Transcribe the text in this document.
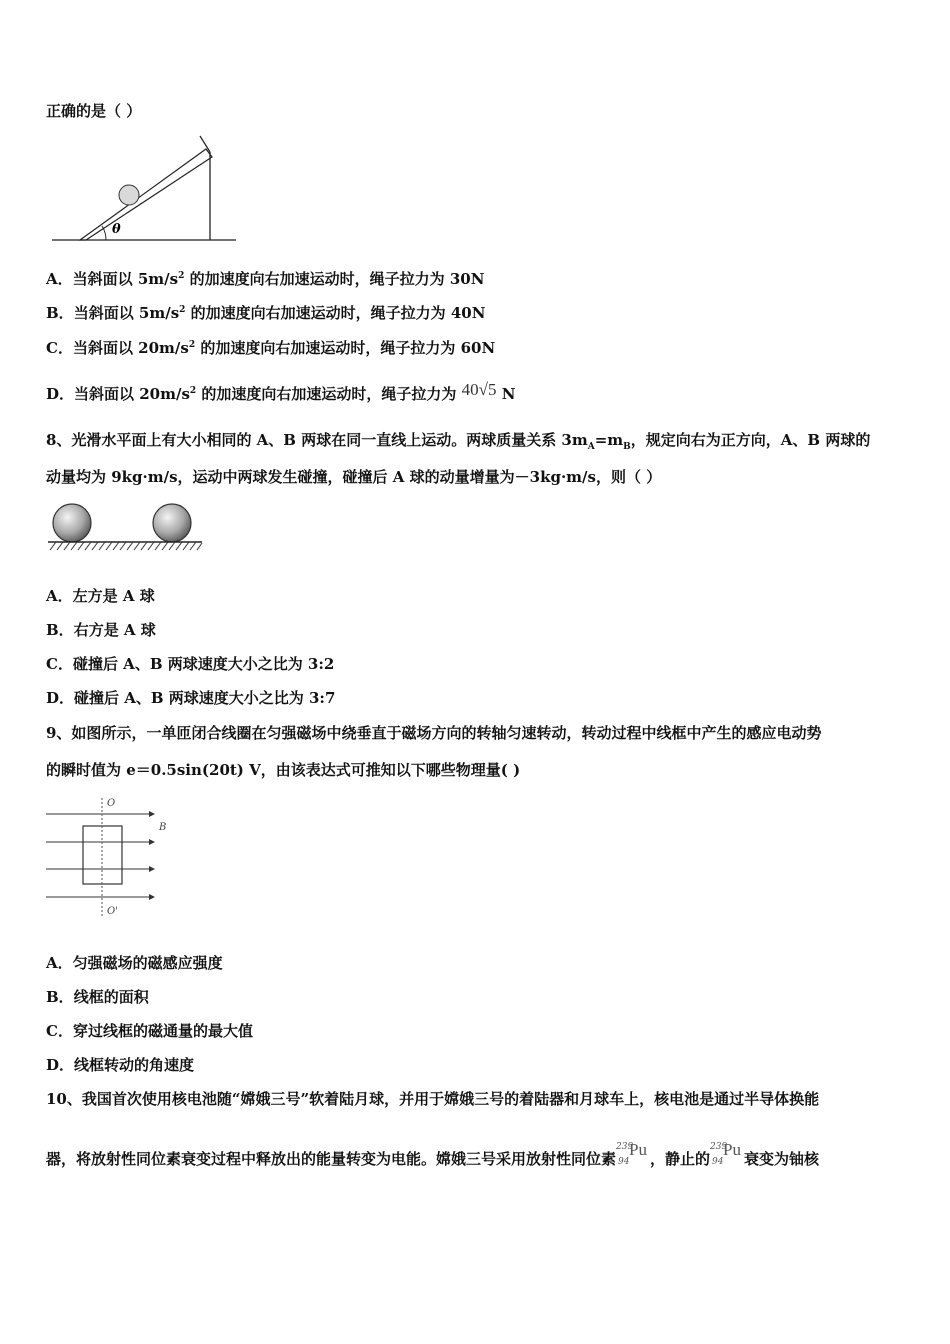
正确的是（ ）
θ
A．当斜面以 $5m/s^2$ 的加速度向右加速运动时，绳子拉力为 30N
B．当斜面以 $5m/s^2$ 的加速度向右加速运动时，绳子拉力为 40N
C．当斜面以 $20m/s^2$ 的加速度向右加速运动时，绳子拉力为 60N
D．当斜面以 $20m/s^2$ 的加速度向右加速运动时，绳子拉力为 40√5 N
8、光滑水平面上有大小相同的 A、B 两球在同一直线上运动。两球质量关系 $3m_A=m_B$，规定向右为正方向，A、B 两球的
动量均为 9kg·m/s，运动中两球发生碰撞，碰撞后 A 球的动量增量为－3kg·m/s，则（ ）
A．左方是 A 球
B．右方是 A 球
C．碰撞后 A、B 两球速度大小之比为 3:2
D．碰撞后 A、B 两球速度大小之比为 3:7
9、如图所示，一单匝闭合线圈在匀强磁场中绕垂直于磁场方向的转轴匀速转动，转动过程中线框中产生的感应电动势
的瞬时值为 e＝0.5sin(20t) V，由该表达式可推知以下哪些物理量( )
O
O'
B
A．匀强磁场的磁感应强度
B．线框的面积
C．穿过线框的磁通量的最大值
D．线框转动的角速度
10、我国首次使用核电池随“嫦娥三号”软着陆月球，并用于嫦娥三号的着陆器和月球车上，核电池是通过半导体换能
器，将放射性同位素衰变过程中释放出的能量转变为电能。嫦娥三号采用放射性同位素
239
94
Pu ，静止的
239
94
Pu 衰变为铀核
